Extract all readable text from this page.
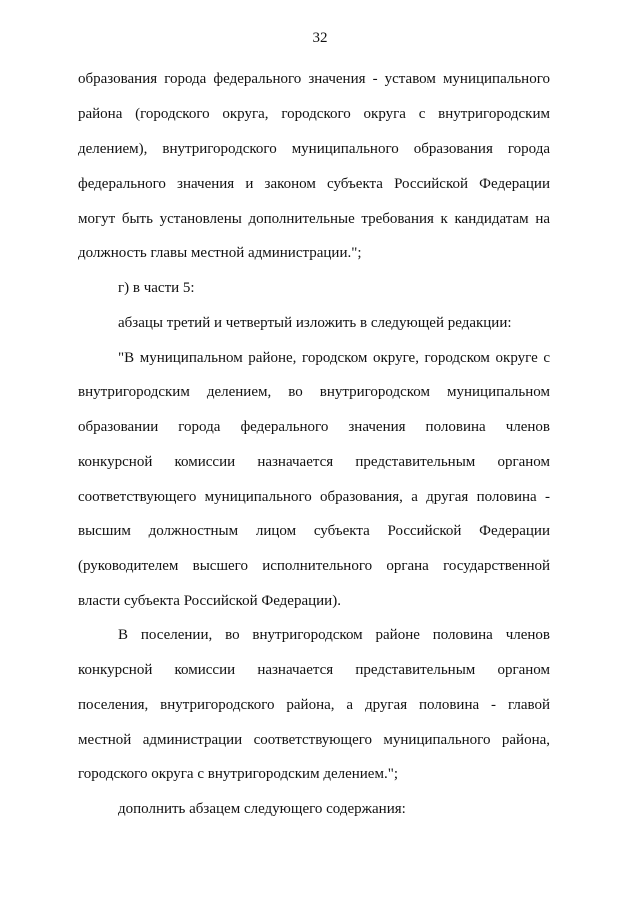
32
образования города федерального значения - уставом муниципального
района (городского округа, городского округа с внутригородским
делением), внутригородского муниципального образования города
федерального значения и законом субъекта Российской Федерации
могут быть установлены дополнительные требования к кандидатам на
должность главы местной администрации.";
г) в части 5:
абзацы третий и четвертый изложить в следующей редакции:
"В муниципальном районе, городском округе, городском округе с
внутригородским делением, во внутригородском муниципальном
образовании города федерального значения половина членов
конкурсной комиссии назначается представительным органом
соответствующего муниципального образования, а другая половина -
высшим должностным лицом субъекта Российской Федерации
(руководителем высшего исполнительного органа государственной
власти субъекта Российской Федерации).
В поселении, во внутригородском районе половина членов
конкурсной комиссии назначается представительным органом
поселения, внутригородского района, а другая половина - главой
местной администрации соответствующего муниципального района,
городского округа с внутригородским делением.";
дополнить абзацем следующего содержания:
